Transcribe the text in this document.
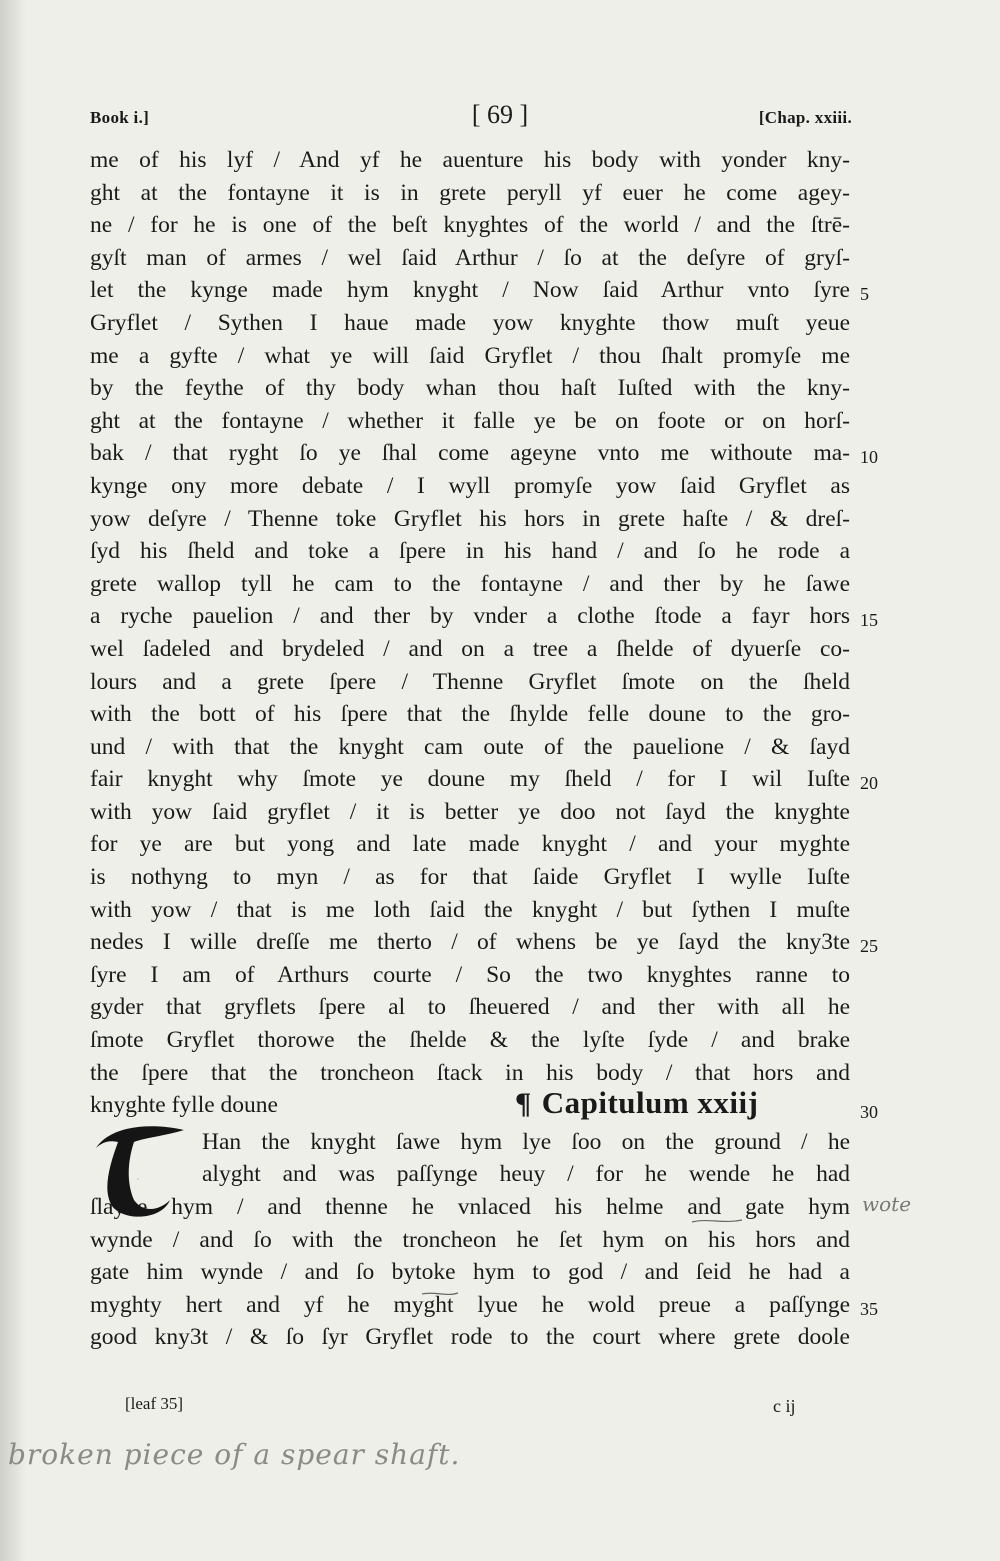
Book i.]	[ 69 ]	[Chap. xxiii.
me of his lyf / And yf he auenture his body with yonder kny-
ght at the fontayne it is in grete peryll yf euer he come agey-
ne / for he is one of the beſt knyghtes of the world / and the ſtrē-
gyſt man of armes / wel ſaid Arthur / ſo at the deſyre of gryſ-
let the kynge made hym knyght / Now ſaid Arthur vnto ſyre
Gryflet / Sythen I haue made yow knyghte thow muſt yeue
me a gyfte / what ye will ſaid Gryflet / thou ſhalt promyſe me
by the feythe of thy body whan thou haſt Iuſted with the kny-
ght at the fontayne / whether it falle ye be on foote or on horſ-
bak / that ryght ſo ye ſhal come ageyne vnto me withoute ma-
kynge ony more debate / I wyll promyſe yow ſaid Gryflet as
yow deſyre / Thenne toke Gryflet his hors in grete haſte / & dreſ-
ſyd his ſheld and toke a ſpere in his hand / and ſo he rode a
grete wallop tyll he cam to the fontayne / and ther by he ſawe
a ryche pauelion / and ther by vnder a clothe ſtode a fayr hors
wel ſadeled and brydeled / and on a tree a ſhelde of dyuerſe co-
lours and a grete ſpere / Thenne Gryflet ſmote on the ſheld
with the bott of his ſpere that the ſhylde felle doune to the gro-
und / with that the knyght cam oute of the pauelione / & ſayd
fair knyght why ſmote ye doune my ſheld / for I wil Iuſte
with yow ſaid gryflet / it is better ye doo not ſayd the knyghte
for ye are but yong and late made knyght / and your myghte
is nothyng to myn / as for that ſaide Gryflet I wylle Iuſte
with yow / that is me loth ſaid the knyght / but ſythen I muſte
nedes I wille dreſſe me therto / of whens be ye ſayd the kny3te
ſyre I am of Arthurs courte / So the two knyghtes ranne to
gyder that gryflets ſpere al to ſheuered / and ther with all he
ſmote Gryflet thorowe the ſhelde & the lyſte ſyde / and brake
the ſpere that the troncheon ſtack in his body / that hors and
knyghte fylle doune	¶ Capitulum xxiij
Han the knyght ſawe hym lye ſoo on the ground / he
alyght and was paſſynge heuy / for he wende he had
ſlayne hym / and thenne he vnlaced his helme and gate hym
wynde / and ſo with the troncheon he ſet hym on his hors and
gate him wynde / and ſo bytoke hym to god / and ſeid he had a
myghty hert and yf he myght lyue he wold preue a paſſynge
good kny3t / & ſo ſyr Gryflet rode to the court where grete doole
T
5
10
15
20
25
30
35
wote
[leaf 35]	c ij
broken piece of a spear shaft.
